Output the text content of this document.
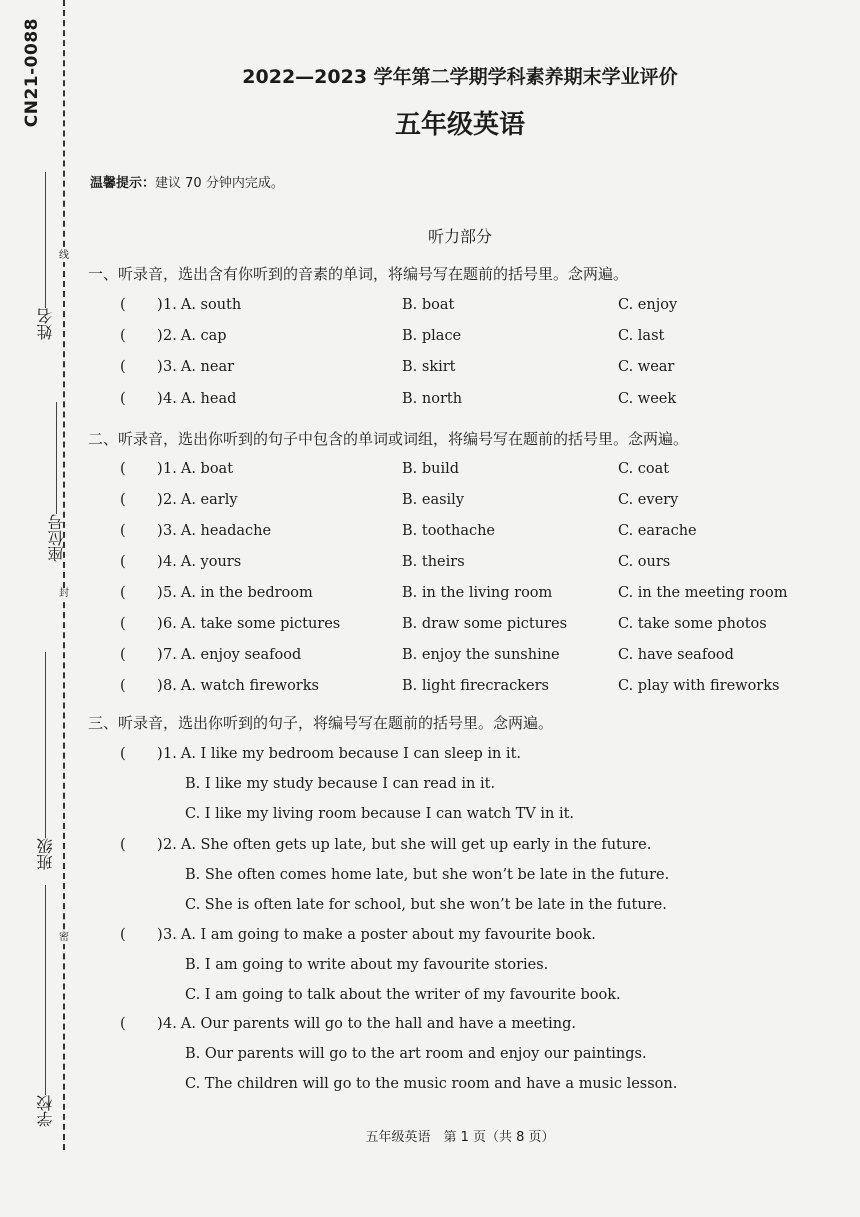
CN21-0088
姓名
座位号
班级
学校
线
封
密
2022—2023 学年第二学期学科素养期末学业评价
五年级英语
温馨提示：建议 70 分钟内完成。
听力部分
一、听录音，选出含有你听到的音素的单词，将编号写在题前的括号里。念两遍。
( ) 1. A. south	B. boat	C. enjoy
( ) 2. A. cap	B. place	C. last
( ) 3. A. near	B. skirt	C. wear
( ) 4. A. head	B. north	C. week
二、听录音，选出你听到的句子中包含的单词或词组，将编号写在题前的括号里。念两遍。
( ) 1. A. boat	B. build	C. coat
( ) 2. A. early	B. easily	C. every
( ) 3. A. headache	B. toothache	C. earache
( ) 4. A. yours	B. theirs	C. ours
( ) 5. A. in the bedroom	B. in the living room	C. in the meeting room
( ) 6. A. take some pictures	B. draw some pictures	C. take some photos
( ) 7. A. enjoy seafood	B. enjoy the sunshine	C. have seafood
( ) 8. A. watch fireworks	B. light firecrackers	C. play with fireworks
三、听录音，选出你听到的句子，将编号写在题前的括号里。念两遍。
( ) 1. A. I like my bedroom because I can sleep in it.
B. I like my study because I can read in it.
C. I like my living room because I can watch TV in it.
( ) 2. A. She often gets up late, but she will get up early in the future.
B. She often comes home late, but she won’t be late in the future.
C. She is often late for school, but she won’t be late in the future.
( ) 3. A. I am going to make a poster about my favourite book.
B. I am going to write about my favourite stories.
C. I am going to talk about the writer of my favourite book.
( ) 4. A. Our parents will go to the hall and have a meeting.
B. Our parents will go to the art room and enjoy our paintings.
C. The children will go to the music room and have a music lesson.
五年级英语　第 1 页（共 8 页）
